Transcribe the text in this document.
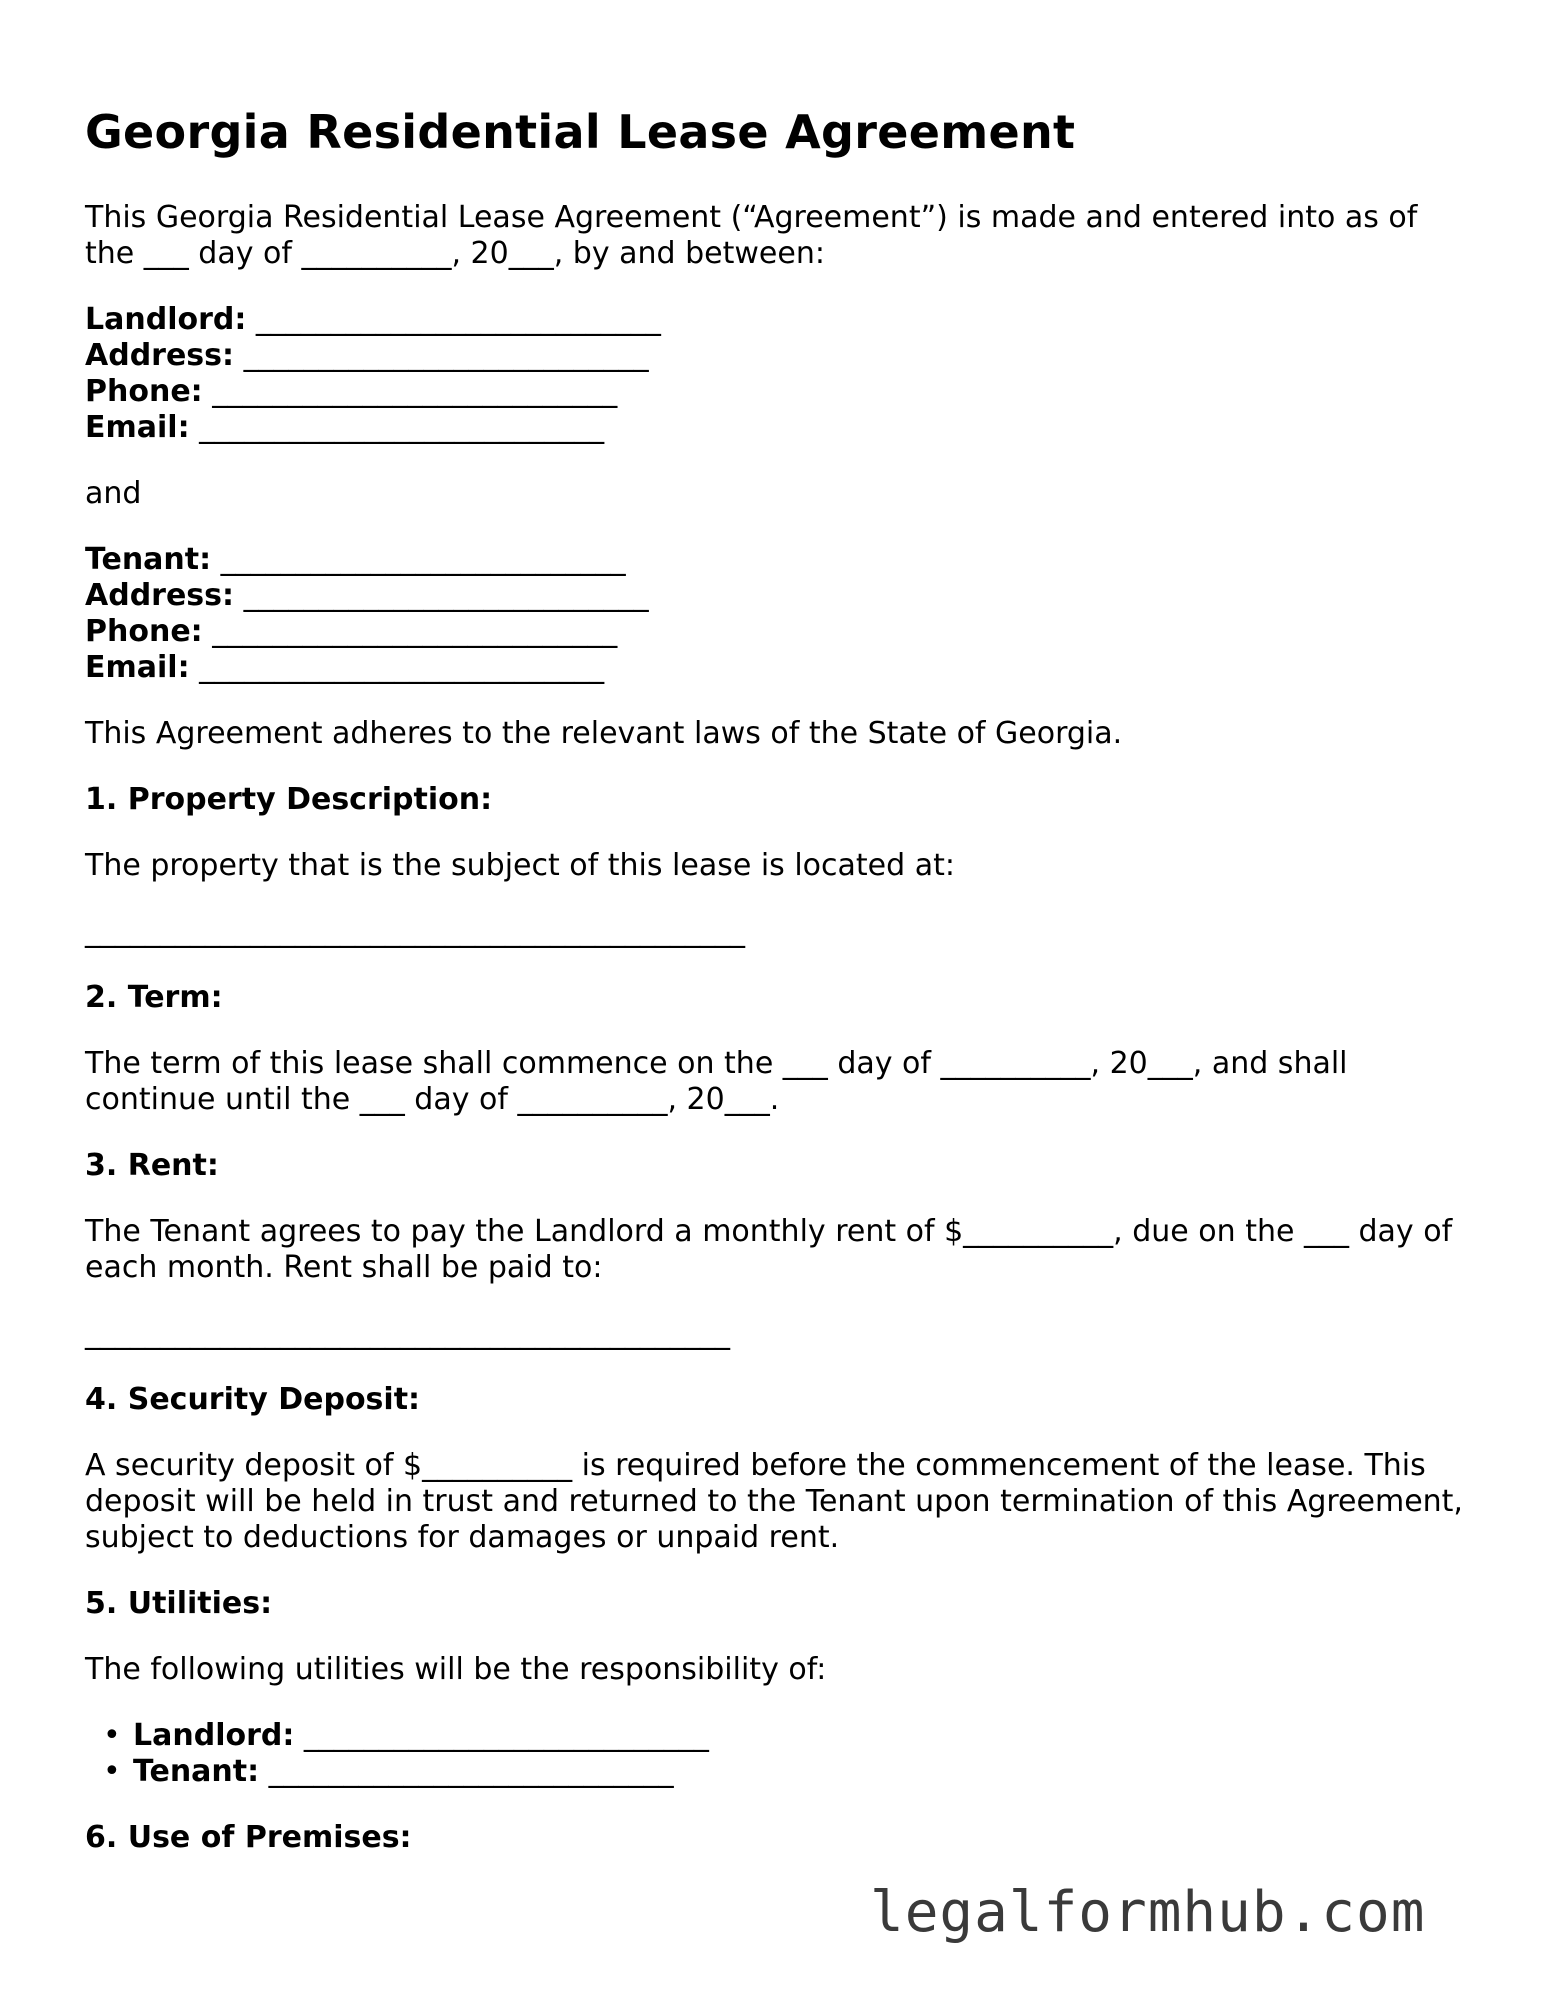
Georgia Residential Lease Agreement

This Georgia Residential Lease Agreement (“Agreement”) is made and entered into as of the ___ day of __________, 20___, by and between:

Landlord: ___________________________
Address: ___________________________
Phone: ___________________________
Email: ___________________________

and

Tenant: ___________________________
Address: ___________________________
Phone: ___________________________
Email: ___________________________

This Agreement adheres to the relevant laws of the State of Georgia.

1. Property Description:

The property that is the subject of this lease is located at:

____________________________________________

2. Term:

The term of this lease shall commence on the ___ day of __________, 20___, and shall continue until the ___ day of __________, 20___.

3. Rent:

The Tenant agrees to pay the Landlord a monthly rent of $__________, due on the ___ day of each month. Rent shall be paid to:

___________________________________________

4. Security Deposit:

A security deposit of $__________ is required before the commencement of the lease. This deposit will be held in trust and returned to the Tenant upon termination of this Agreement, subject to deductions for damages or unpaid rent.

5. Utilities:

The following utilities will be the responsibility of:

• Landlord: ___________________________
• Tenant: ___________________________

6. Use of Premises:

legalformhub.com
